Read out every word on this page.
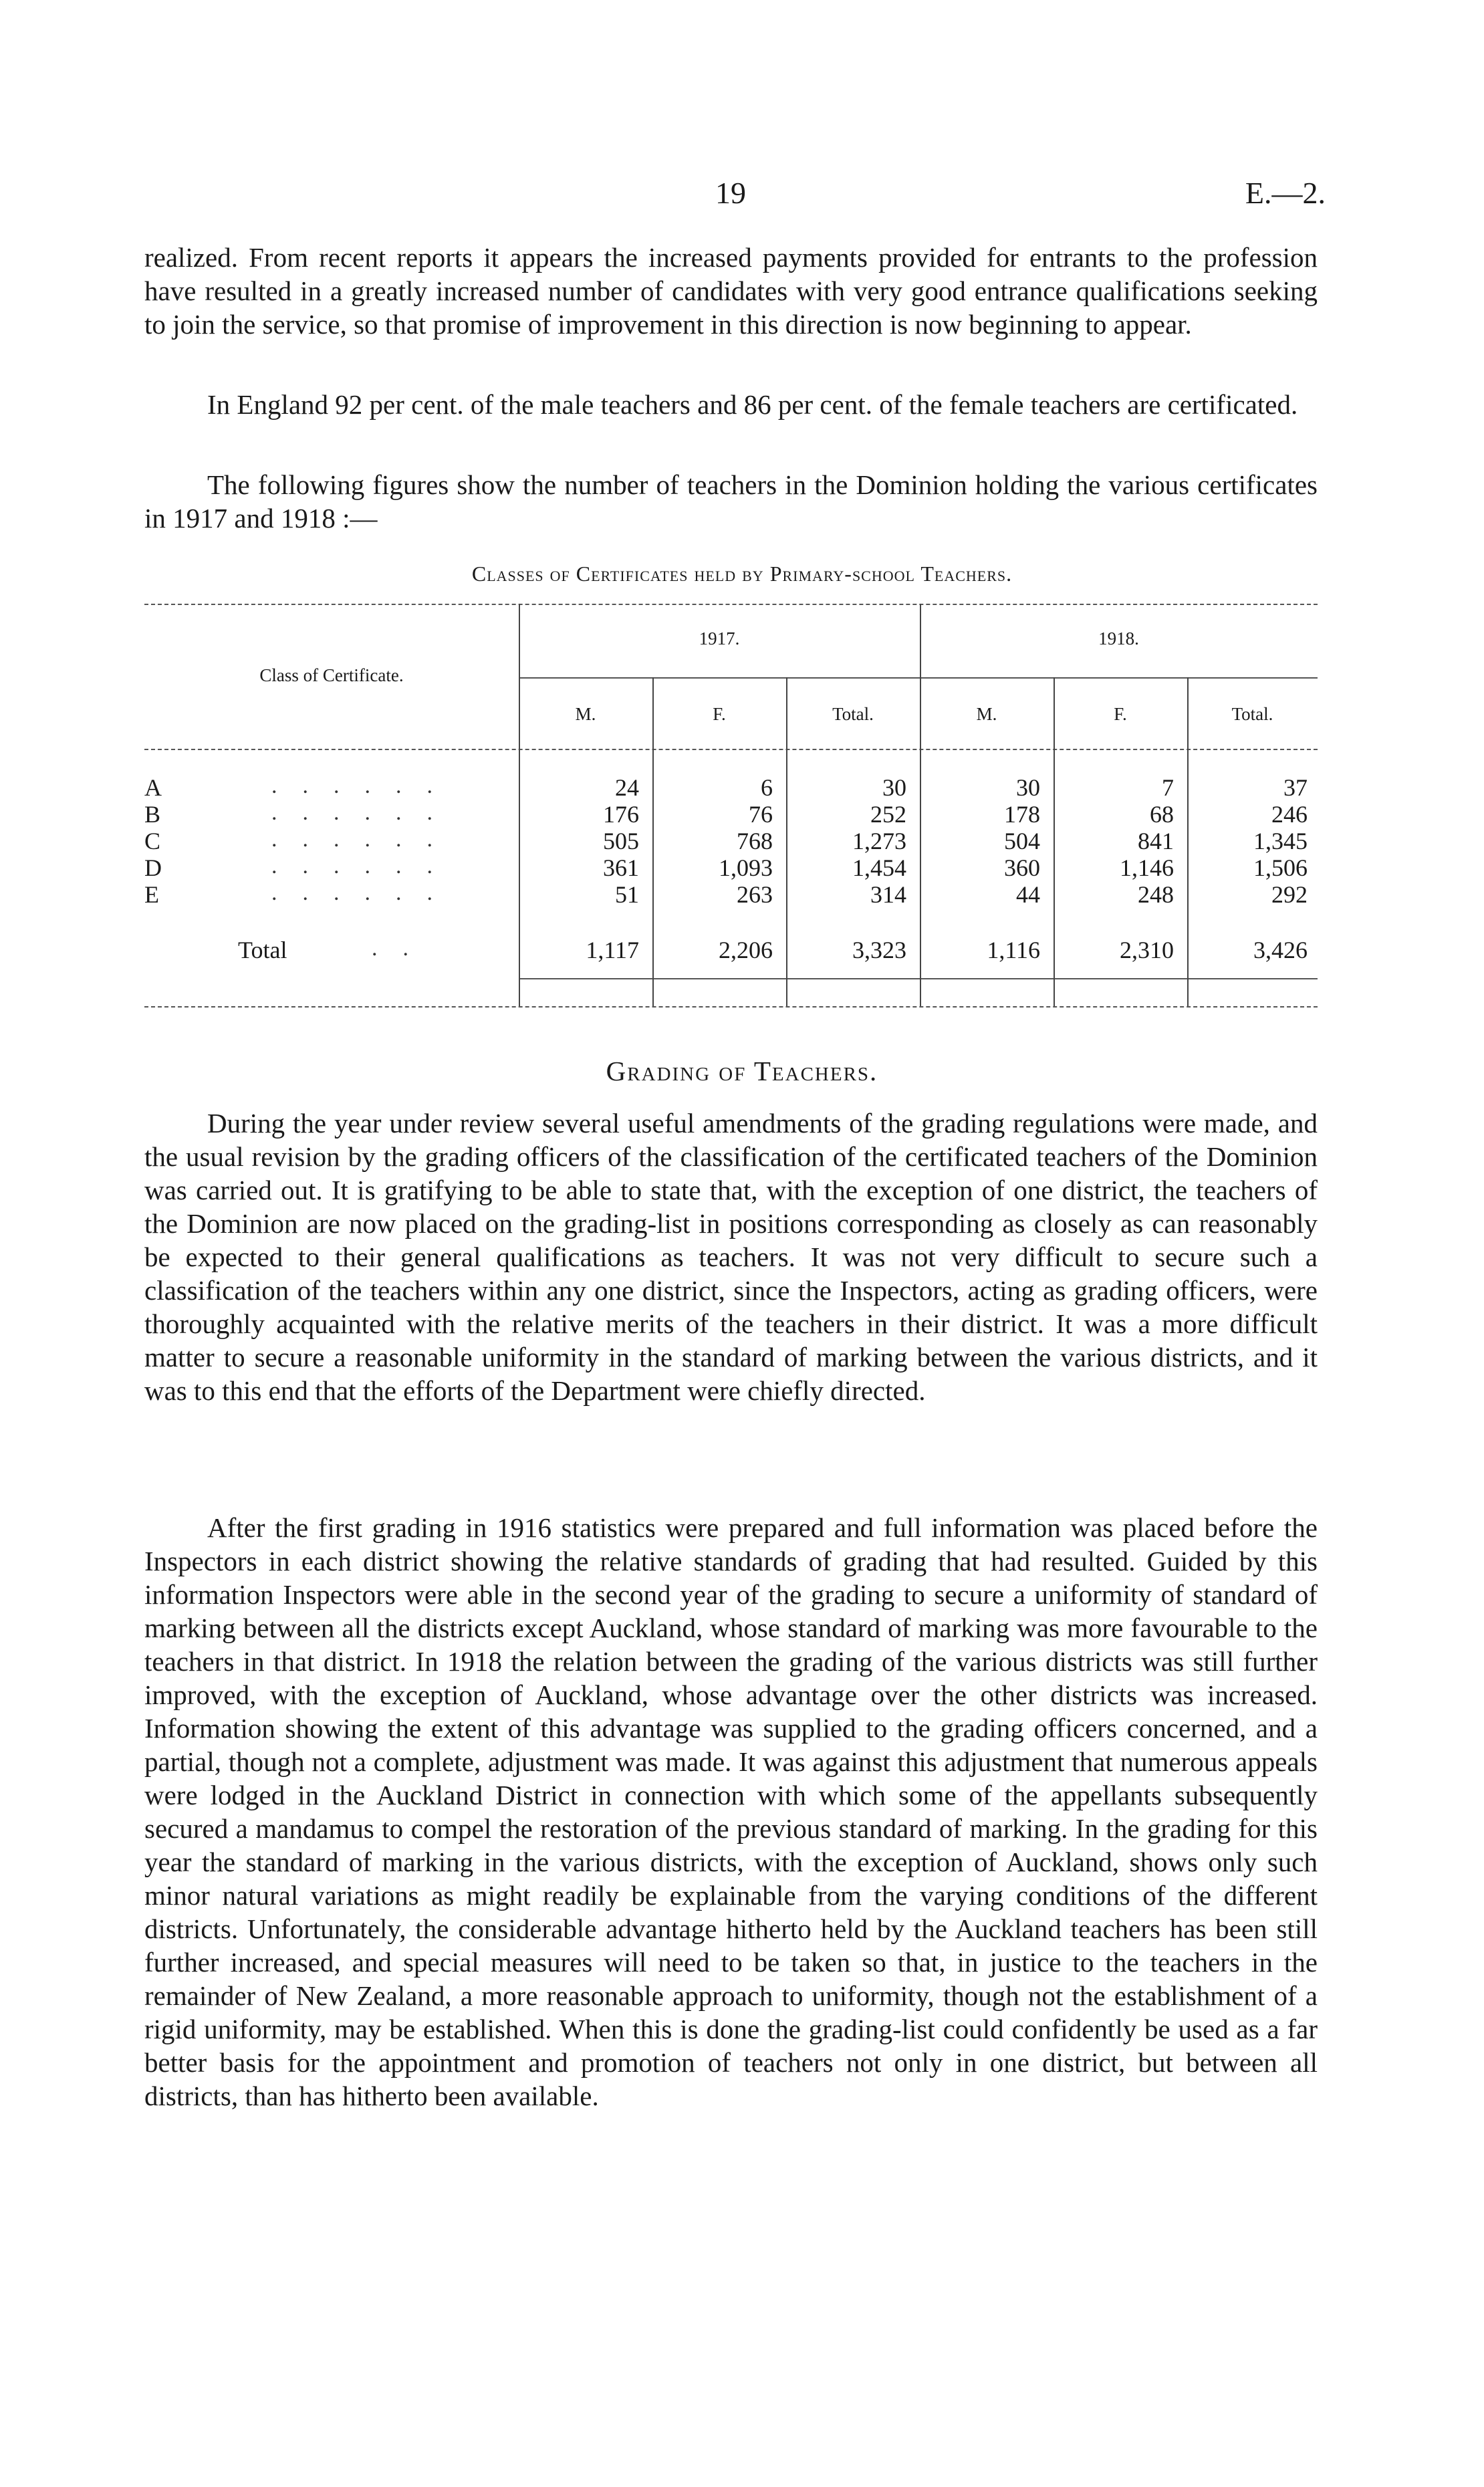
19	E.—2.
realized. From recent reports it appears the increased payments provided for entrants to the profession have resulted in a greatly increased number of candidates with very good entrance qualifications seeking to join the service, so that promise of improvement in this direction is now beginning to appear.
In England 92 per cent. of the male teachers and 86 per cent. of the female teachers are certificated.
The following figures show the number of teachers in the Dominion holding the various certificates in 1917 and 1918 :—
Classes of Certificates held by Primary-school Teachers.
Class of Certificate.
1917.	1918.
M.	F.	Total.	M.	F.	Total.
A	......	24	6	30	30	7	37
B	......	176	76	252	178	68	246
C	......	505	768	1,273	504	841	1,345
D	......	361	1,093	1,454	360	1,146	1,506
E	......	51	263	314	44	248	292
Total	..	1,117	2,206	3,323	1,116	2,310	3,426
Grading of Teachers.
During the year under review several useful amendments of the grading regulations were made, and the usual revision by the grading officers of the classification of the certificated teachers of the Dominion was carried out. It is gratifying to be able to state that, with the exception of one district, the teachers of the Dominion are now placed on the grading-list in positions corresponding as closely as can reasonably be expected to their general qualifications as teachers. It was not very difficult to secure such a classification of the teachers within any one district, since the Inspectors, acting as grading officers, were thoroughly acquainted with the relative merits of the teachers in their district. It was a more difficult matter to secure a reasonable uniformity in the standard of marking between the various districts, and it was to this end that the efforts of the Department were chiefly directed.
After the first grading in 1916 statistics were prepared and full information was placed before the Inspectors in each district showing the relative standards of grading that had resulted. Guided by this information Inspectors were able in the second year of the grading to secure a uniformity of standard of marking between all the districts except Auckland, whose standard of marking was more favourable to the teachers in that district. In 1918 the relation between the grading of the various districts was still further improved, with the exception of Auckland, whose advantage over the other districts was increased. Information showing the extent of this advantage was supplied to the grading officers concerned, and a partial, though not a complete, adjustment was made. It was against this adjustment that numerous appeals were lodged in the Auckland District in connection with which some of the appellants subsequently secured a mandamus to compel the restoration of the previous standard of marking. In the grading for this year the standard of marking in the various districts, with the exception of Auckland, shows only such minor natural variations as might readily be explainable from the varying conditions of the different districts. Unfortunately, the considerable advantage hitherto held by the Auckland teachers has been still further increased, and special measures will need to be taken so that, in justice to the teachers in the remainder of New Zealand, a more reasonable approach to uniformity, though not the establishment of a rigid uniformity, may be established. When this is done the grading-list could confidently be used as a far better basis for the appointment and promotion of teachers not only in one district, but between all districts, than has hitherto been available.
